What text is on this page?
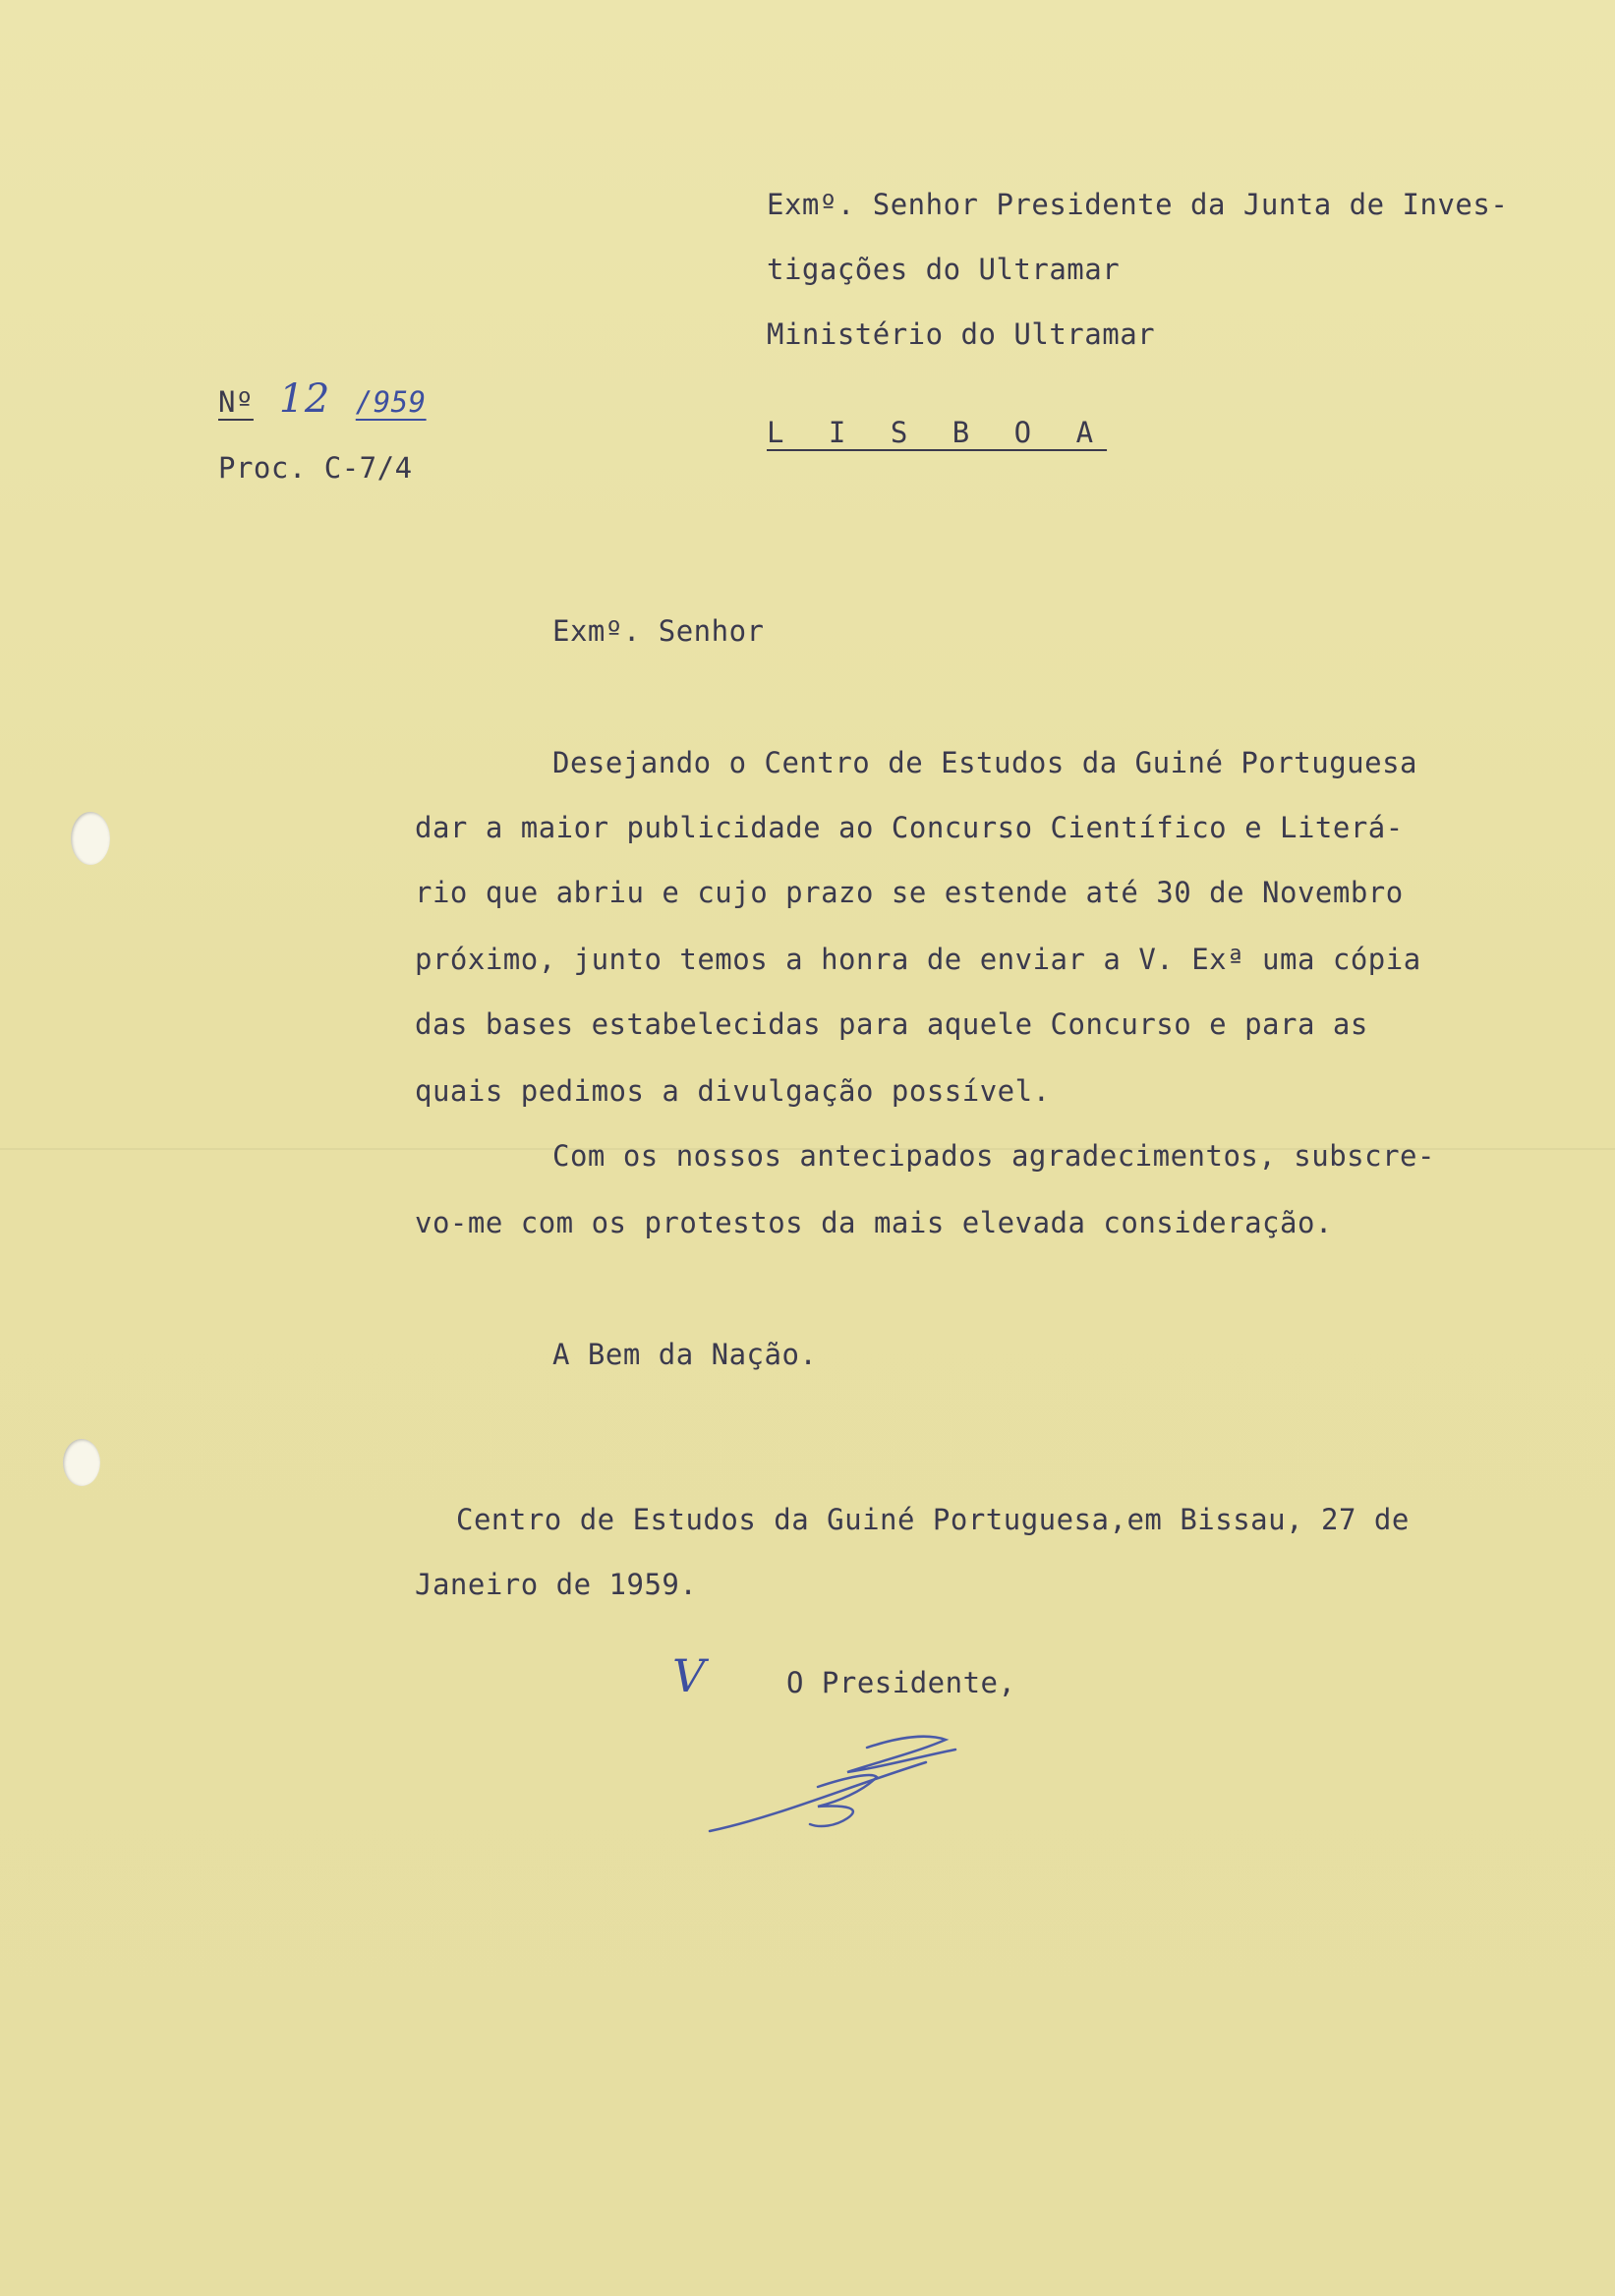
Exmº. Senhor Presidente da Junta de Inves-

tigações do Ultramar

Ministério do Ultramar

L I S B O A

Nº 12 /959

Proc. C-7/4

Exmº. Senhor

Desejando o Centro de Estudos da Guiné Portuguesa

dar a maior publicidade ao Concurso Científico e Literá-

rio que abriu e cujo prazo se estende até 30 de Novembro

próximo, junto temos a honra de enviar a V. Exª uma cópia

das bases estabelecidas para aquele Concurso e para as

quais pedimos a divulgação possível.

Com os nossos antecipados agradecimentos, subscre-

vo-me com os protestos da mais elevada consideração.

A Bem da Nação.

Centro de Estudos da Guiné Portuguesa,em Bissau, 27 de

Janeiro de 1959.

V	O Presidente,
